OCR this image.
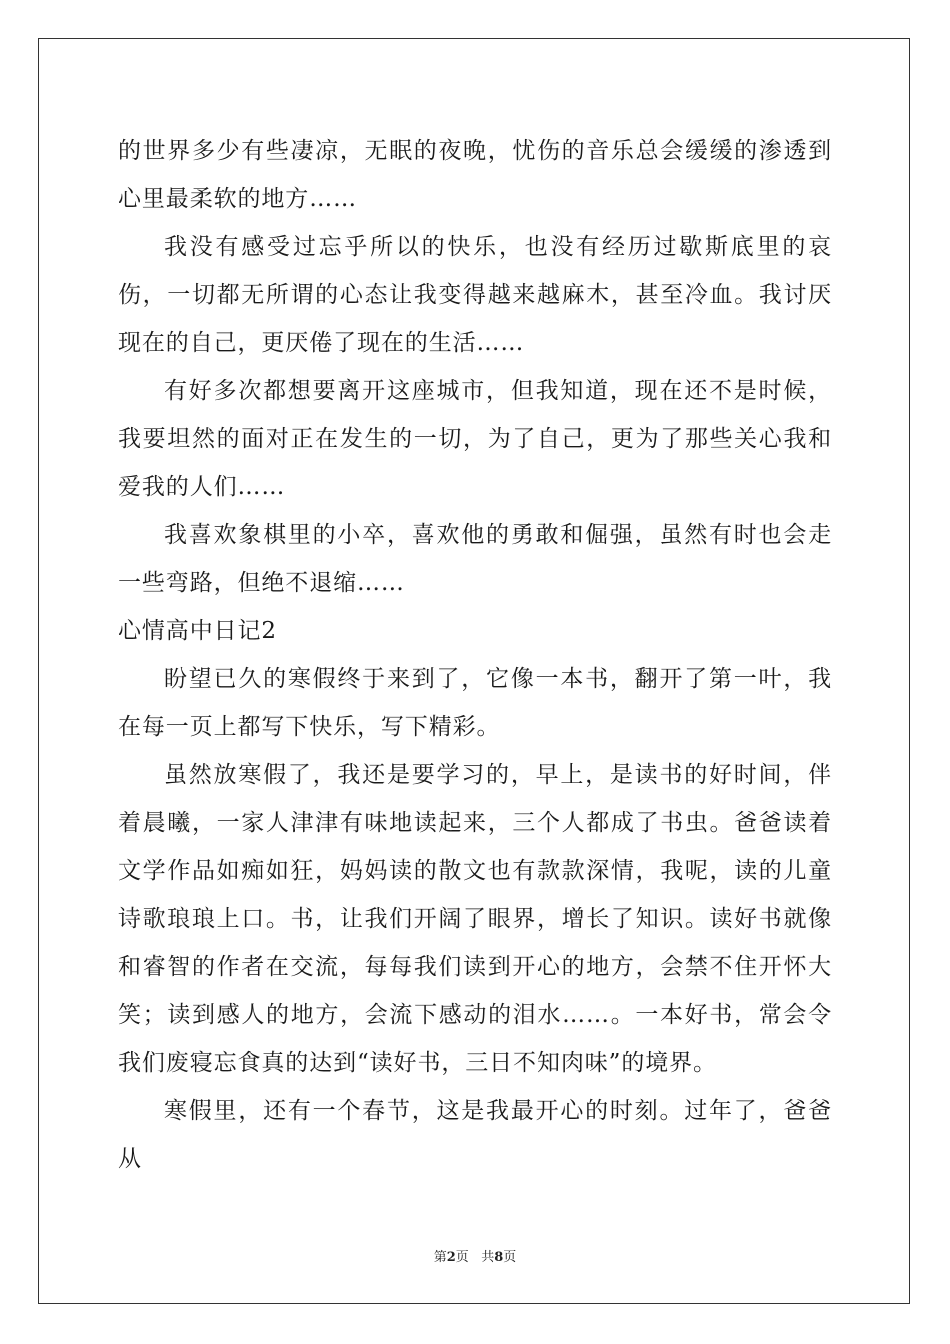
的世界多少有些凄凉，无眠的夜晚，忧伤的音乐总会缓缓的渗透到心里最柔软的地方……

我没有感受过忘乎所以的快乐，也没有经历过歇斯底里的哀伤，一切都无所谓的心态让我变得越来越麻木，甚至冷血。我讨厌现在的自己，更厌倦了现在的生活……

有好多次都想要离开这座城市，但我知道，现在还不是时候，我要坦然的面对正在发生的一切，为了自己，更为了那些关心我和爱我的人们……

我喜欢象棋里的小卒，喜欢他的勇敢和倔强，虽然有时也会走一些弯路，但绝不退缩……

心情高中日记2

盼望已久的寒假终于来到了，它像一本书，翻开了第一叶，我在每一页上都写下快乐，写下精彩。

虽然放寒假了，我还是要学习的，早上，是读书的好时间，伴着晨曦，一家人津津有味地读起来，三个人都成了书虫。爸爸读着文学作品如痴如狂，妈妈读的散文也有款款深情，我呢，读的儿童诗歌琅琅上口。书，让我们开阔了眼界，增长了知识。读好书就像和睿智的作者在交流，每每我们读到开心的地方，会禁不住开怀大笑；读到感人的地方，会流下感动的泪水……。一本好书，常会令我们废寝忘食真的达到“读好书，三日不知肉味”的境界。

寒假里，还有一个春节，这是我最开心的时刻。过年了，爸爸从

第2页 共8页
